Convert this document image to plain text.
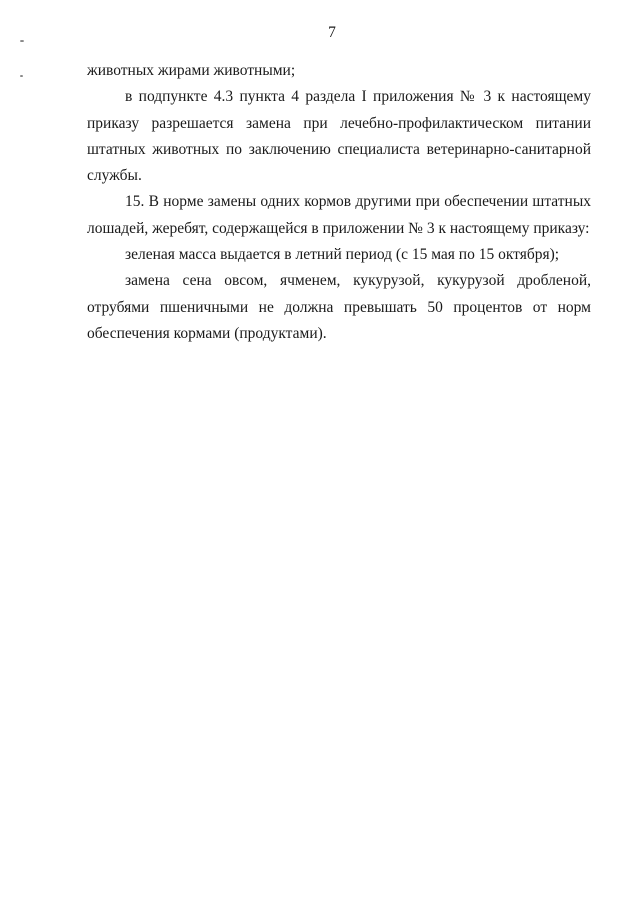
7

животных жирами животными;

в подпункте 4.3 пункта 4 раздела I приложения № 3 к настоящему приказу разрешается замена при лечебно-профилактическом питании штатных животных по заключению специалиста ветеринарно-санитарной службы.

15. В норме замены одних кормов другими при обеспечении штатных лошадей, жеребят, содержащейся в приложении № 3 к настоящему приказу:

зеленая масса выдается в летний период (с 15 мая по 15 октября);

замена сена овсом, ячменем, кукурузой, кукурузой дробленой, отрубями пшеничными не должна превышать 50 процентов от норм обеспечения кормами (продуктами).
